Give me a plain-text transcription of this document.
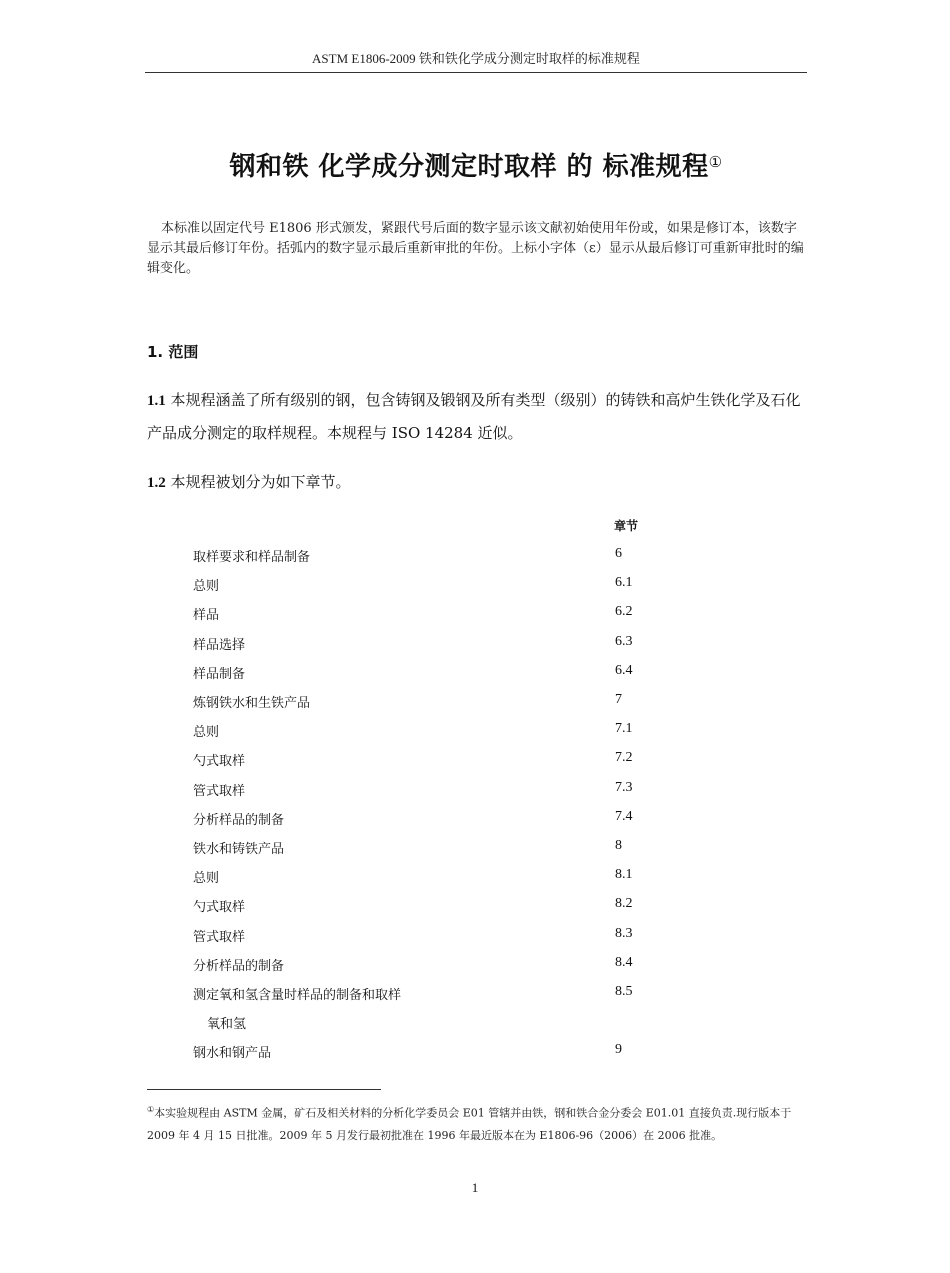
ASTM E1806-2009 铁和铁化学成分测定时取样的标准规程
钢和铁 化学成分测定时取样 的 标准规程①
本标准以固定代号 E1806 形式颁发，紧跟代号后面的数字显示该文献初始使用年份或，如果是修订本，该数字显示其最后修订年份。括弧内的数字显示最后重新审批的年份。上标小字体（ε）显示从最后修订可重新审批时的编辑变化。
1. 范围
1.1 本规程涵盖了所有级别的钢，包含铸钢及锻钢及所有类型（级别）的铸铁和高炉生铁化学及石化产品成分测定的取样规程。本规程与 ISO 14284 近似。
1.2 本规程被划分为如下章节。
章节
取样要求和样品制备	6
总则	6.1
样品	6.2
样品选择	6.3
样品制备	6.4
炼钢铁水和生铁产品	7
总则	7.1
勺式取样	7.2
管式取样	7.3
分析样品的制备	7.4
铁水和铸铁产品	8
总则	8.1
勺式取样	8.2
管式取样	8.3
分析样品的制备	8.4
测定氧和氢含量时样品的制备和取样	8.5
氧和氢
钢水和钢产品	9
①本实验规程由 ASTM 金属，矿石及相关材料的分析化学委员会 E01 管辖并由铁，钢和铁合金分委会 E01.01 直接负责.现行版本于 2009 年 4 月 15 日批准。2009 年 5 月发行最初批准在 1996 年最近版本在为 E1806-96（2006）在 2006 批准。
1
